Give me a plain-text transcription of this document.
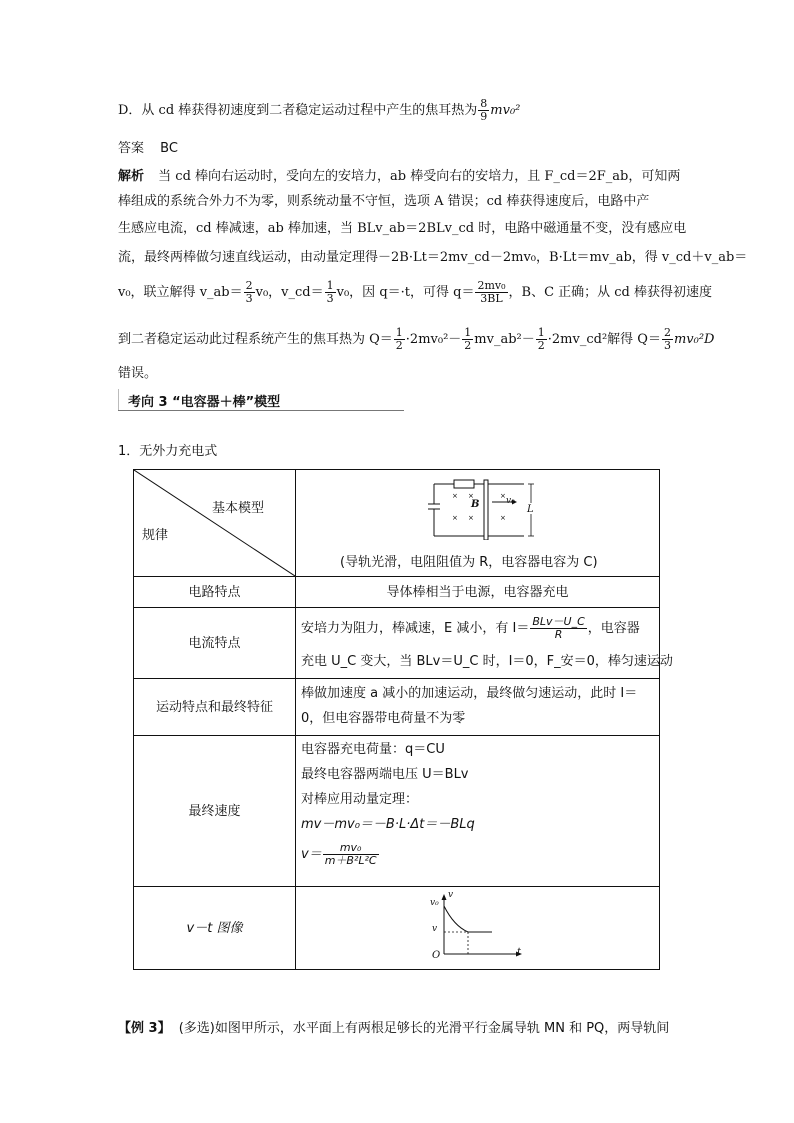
D．从 cd 棒获得初速度到二者稳定运动过程中产生的焦耳热为 $\frac{8}{9} mv_0^2$
答案 BC
解析 当 cd 棒向右运动时，受向左的安培力，ab 棒受向右的安培力，且 F_cd＝2F_ab，可知两
棒组成的系统合外力不为零，则系统动量不守恒，选项 A 错误；cd 棒获得速度后，电路中产
生感应电流，cd 棒减速，ab 棒加速，当 BLv_ab＝2BLv_cd 时，电路中磁通量不变，没有感应电
流，最终两棒做匀速直线运动，由动量定理得－2B·Lt＝2mv_cd－2mv₀，B·Lt＝mv_ab，得 v_cd＋v_ab＝
v₀，联立解得 v_ab＝ $\frac{2}{3} v_0$，v_cd＝ $\frac{1}{3} v_0$，因 q＝·t，可得 $q= \frac{\text{2mv₀}}{3BL}$ ，B、C 正确；从 cd 棒获得初速度
到二者稳定运动此过程系统产生的焦耳热为 $Q= \frac{1}{2} \cdot 2mv_0^2- \frac{1}{2}$ mv_ab²－ $\frac{1}{2}$ ·2mv_cd²解得 $Q= \frac{2}{3} mv_0^2D$
错误。
考向 3 “电容器＋棒”模型
1．无外力充电式
基本模型
规律
× ×
× ×
×
×
B	v₀
L
(导轨光滑，电阻阻值为 R，电容器电容为 C)
电路特点	导体棒相当于电源，电容器充电
电流特点
安培力为阻力，棒减速，E 减小，有 $I= \frac{\text{BLv－U\_C}}{R}$ ，电容器
充电 U_C 变大，当 BLv＝U_C 时，I＝0，F_安＝0，棒匀速运动
运动特点和最终特征
棒做加速度 a 减小的加速运动，最终做匀速运动，此时 I＝
0，但电容器带电荷量不为零
最终速度
电容器充电荷量：q＝CU
最终电容器两端电压 U＝BLv
对棒应用动量定理：
mv－mv₀＝－B·L·Δt＝－BLq
$v= \frac{\text{mv₀}}{\text{m＋B²L²C}}$
v－t 图像
v₀
v
v
t
O
【例 3】 (多选)如图甲所示，水平面上有两根足够长的光滑平行金属导轨 MN 和 PQ，两导轨间
